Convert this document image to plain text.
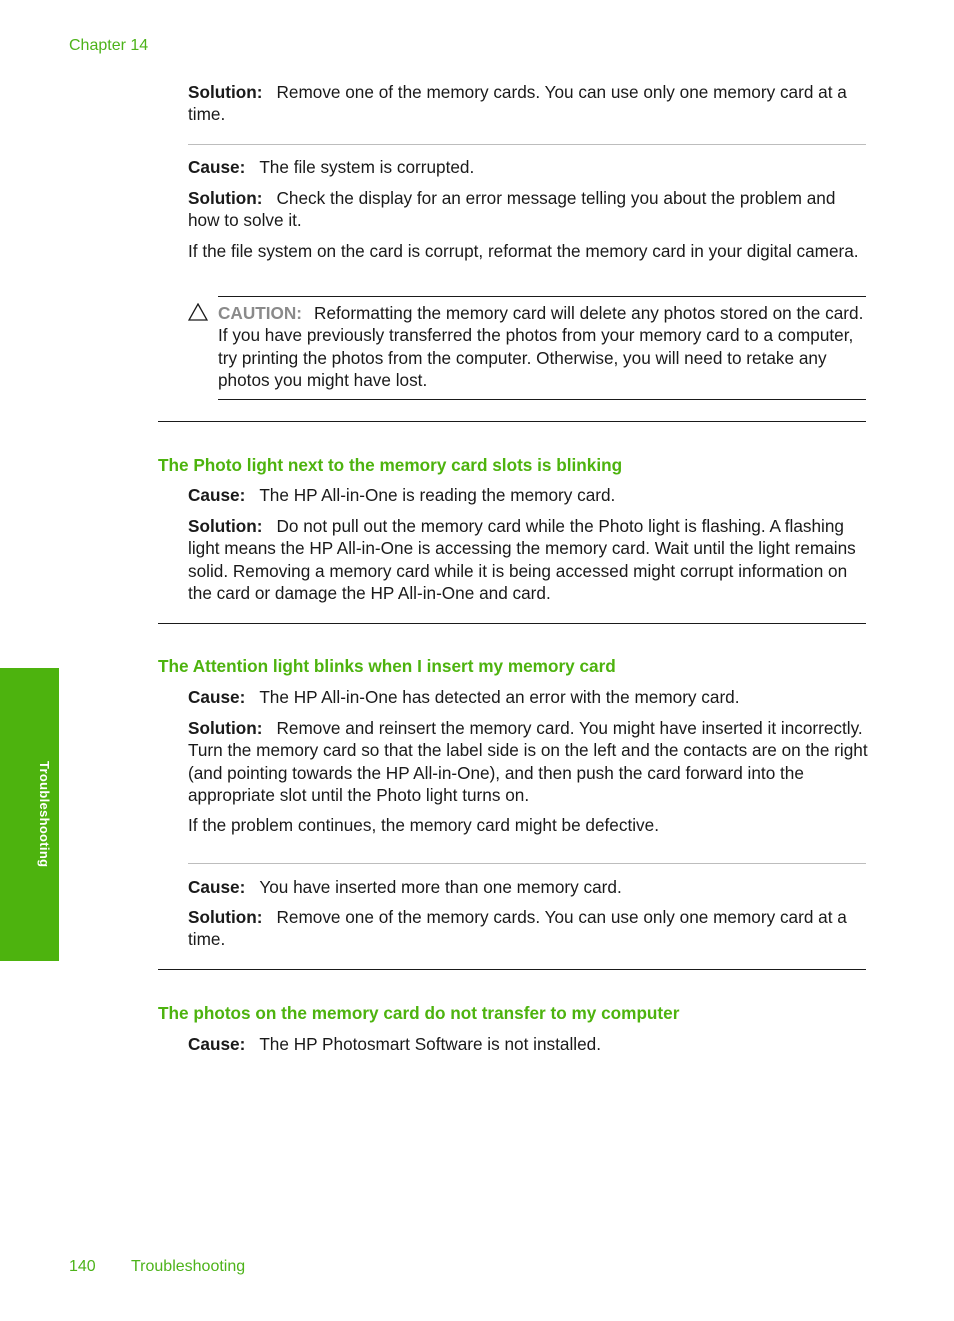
Chapter 14
Troubleshooting

Solution: Remove one of the memory cards. You can use only one memory card at a time.

Cause: The file system is corrupted.

Solution: Check the display for an error message telling you about the problem and how to solve it.

If the file system on the card is corrupt, reformat the memory card in your digital camera.

CAUTION: Reformatting the memory card will delete any photos stored on the card. If you have previously transferred the photos from your memory card to a computer, try printing the photos from the computer. Otherwise, you will need to retake any photos you might have lost.

The Photo light next to the memory card slots is blinking

Cause: The HP All-in-One is reading the memory card.

Solution: Do not pull out the memory card while the Photo light is flashing. A flashing light means the HP All-in-One is accessing the memory card. Wait until the light remains solid. Removing a memory card while it is being accessed might corrupt information on the card or damage the HP All-in-One and card.

The Attention light blinks when I insert my memory card

Cause: The HP All-in-One has detected an error with the memory card.

Solution: Remove and reinsert the memory card. You might have inserted it incorrectly. Turn the memory card so that the label side is on the left and the contacts are on the right (and pointing towards the HP All-in-One), and then push the card forward into the appropriate slot until the Photo light turns on.

If the problem continues, the memory card might be defective.

Cause: You have inserted more than one memory card.

Solution: Remove one of the memory cards. You can use only one memory card at a time.

The photos on the memory card do not transfer to my computer

Cause: The HP Photosmart Software is not installed.

140 Troubleshooting
